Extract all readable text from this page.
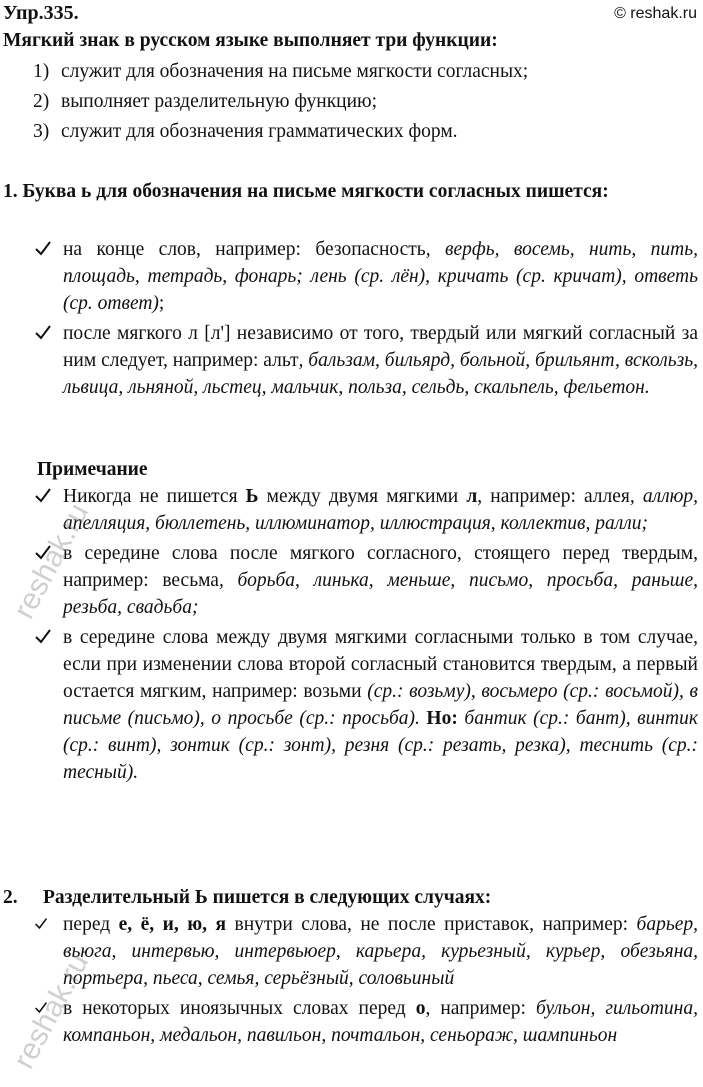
Упр.335.	© reshak.ru
Мягкий знак в русском языке выполняет три функции:
1) служит для обозначения на письме мягкости согласных;
2) выполняет разделительную функцию;
3) служит для обозначения грамматических форм.
1. Буква ь для обозначения на письме мягкости согласных пишется:
на конце слов, например: безопасность, верфь, восемь, нить, пить, площадь, тетрадь, фонарь; лень (ср. лён), кричать (ср. кричат), ответь (ср. ответ);
после мягкого л [л'] независимо от того, твердый или мягкий согласный за ним следует, например: альт, бальзам, бильярд, больной, брильянт, вскользь, львица, льняной, льстец, мальчик, польза, сельдь, скальпель, фельетон.
Примечание
Никогда не пишется Ь между двумя мягкими л, например: аллея, аллюр, апелляция, бюллетень, иллюминатор, иллюстрация, коллектив, ралли;
в середине слова после мягкого согласного, стоящего перед твердым, например: весьма, борьба, линька, меньше, письмо, просьба, раньше, резьба, свадьба;
в середине слова между двумя мягкими согласными только в том случае, если при изменении слова второй согласный становится твердым, а первый остается мягким, например: возьми (ср.: возьму), восьмеро (ср.: восьмой), в письме (письмо), о просьбе (ср.: просьба). Но: бантик (ср.: бант), винтик (ср.: винт), зонтик (ср.: зонт), резня (ср.: резать, резка), теснить (ср.: тесный).
2. Разделительный Ь пишется в следующих случаях:
перед е, ё, и, ю, я внутри слова, не после приставок, например: барьер, вьюга, интервью, интервьюер, карьера, курьезный, курьер, обезьяна, портьера, пьеса, семья, серьёзный, соловьиный
в некоторых иноязычных словах перед о, например: бульон, гильотина, компаньон, медальон, павильон, почтальон, сеньораж, шампиньон
reshak.ru
reshak.ru
